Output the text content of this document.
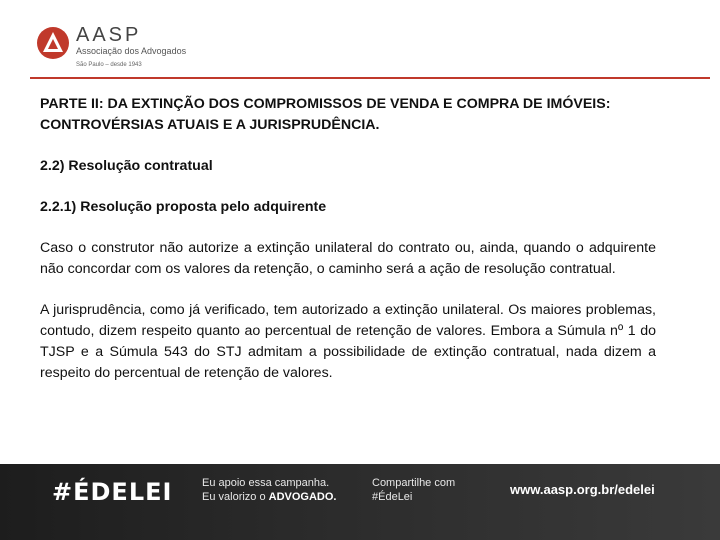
AASP
Associação dos Advogados
São Paulo – desde 1943
PARTE II: DA EXTINÇÃO DOS COMPROMISSOS DE VENDA E COMPRA DE IMÓVEIS: CONTROVÉRSIAS ATUAIS E A JURISPRUDÊNCIA.
2.2) Resolução contratual
2.2.1) Resolução proposta pelo adquirente
Caso o construtor não autorize a extinção unilateral do contrato ou, ainda, quando o adquirente não concordar com os valores da retenção, o caminho será a ação de resolução contratual.
A jurisprudência, como já verificado, tem autorizado a extinção unilateral. Os maiores problemas, contudo, dizem respeito quanto ao percentual de retenção de valores. Embora a Súmula nº 1 do TJSP e a Súmula 543 do STJ admitam a possibilidade de extinção contratual, nada dizem a respeito do percentual de retenção de valores.
#ÉDELEI	Eu apoio essa campanha.
Eu valorizo o ADVOGADO.
Compartilhe com
#ÉdeLei	www.aasp.org.br/edelei
